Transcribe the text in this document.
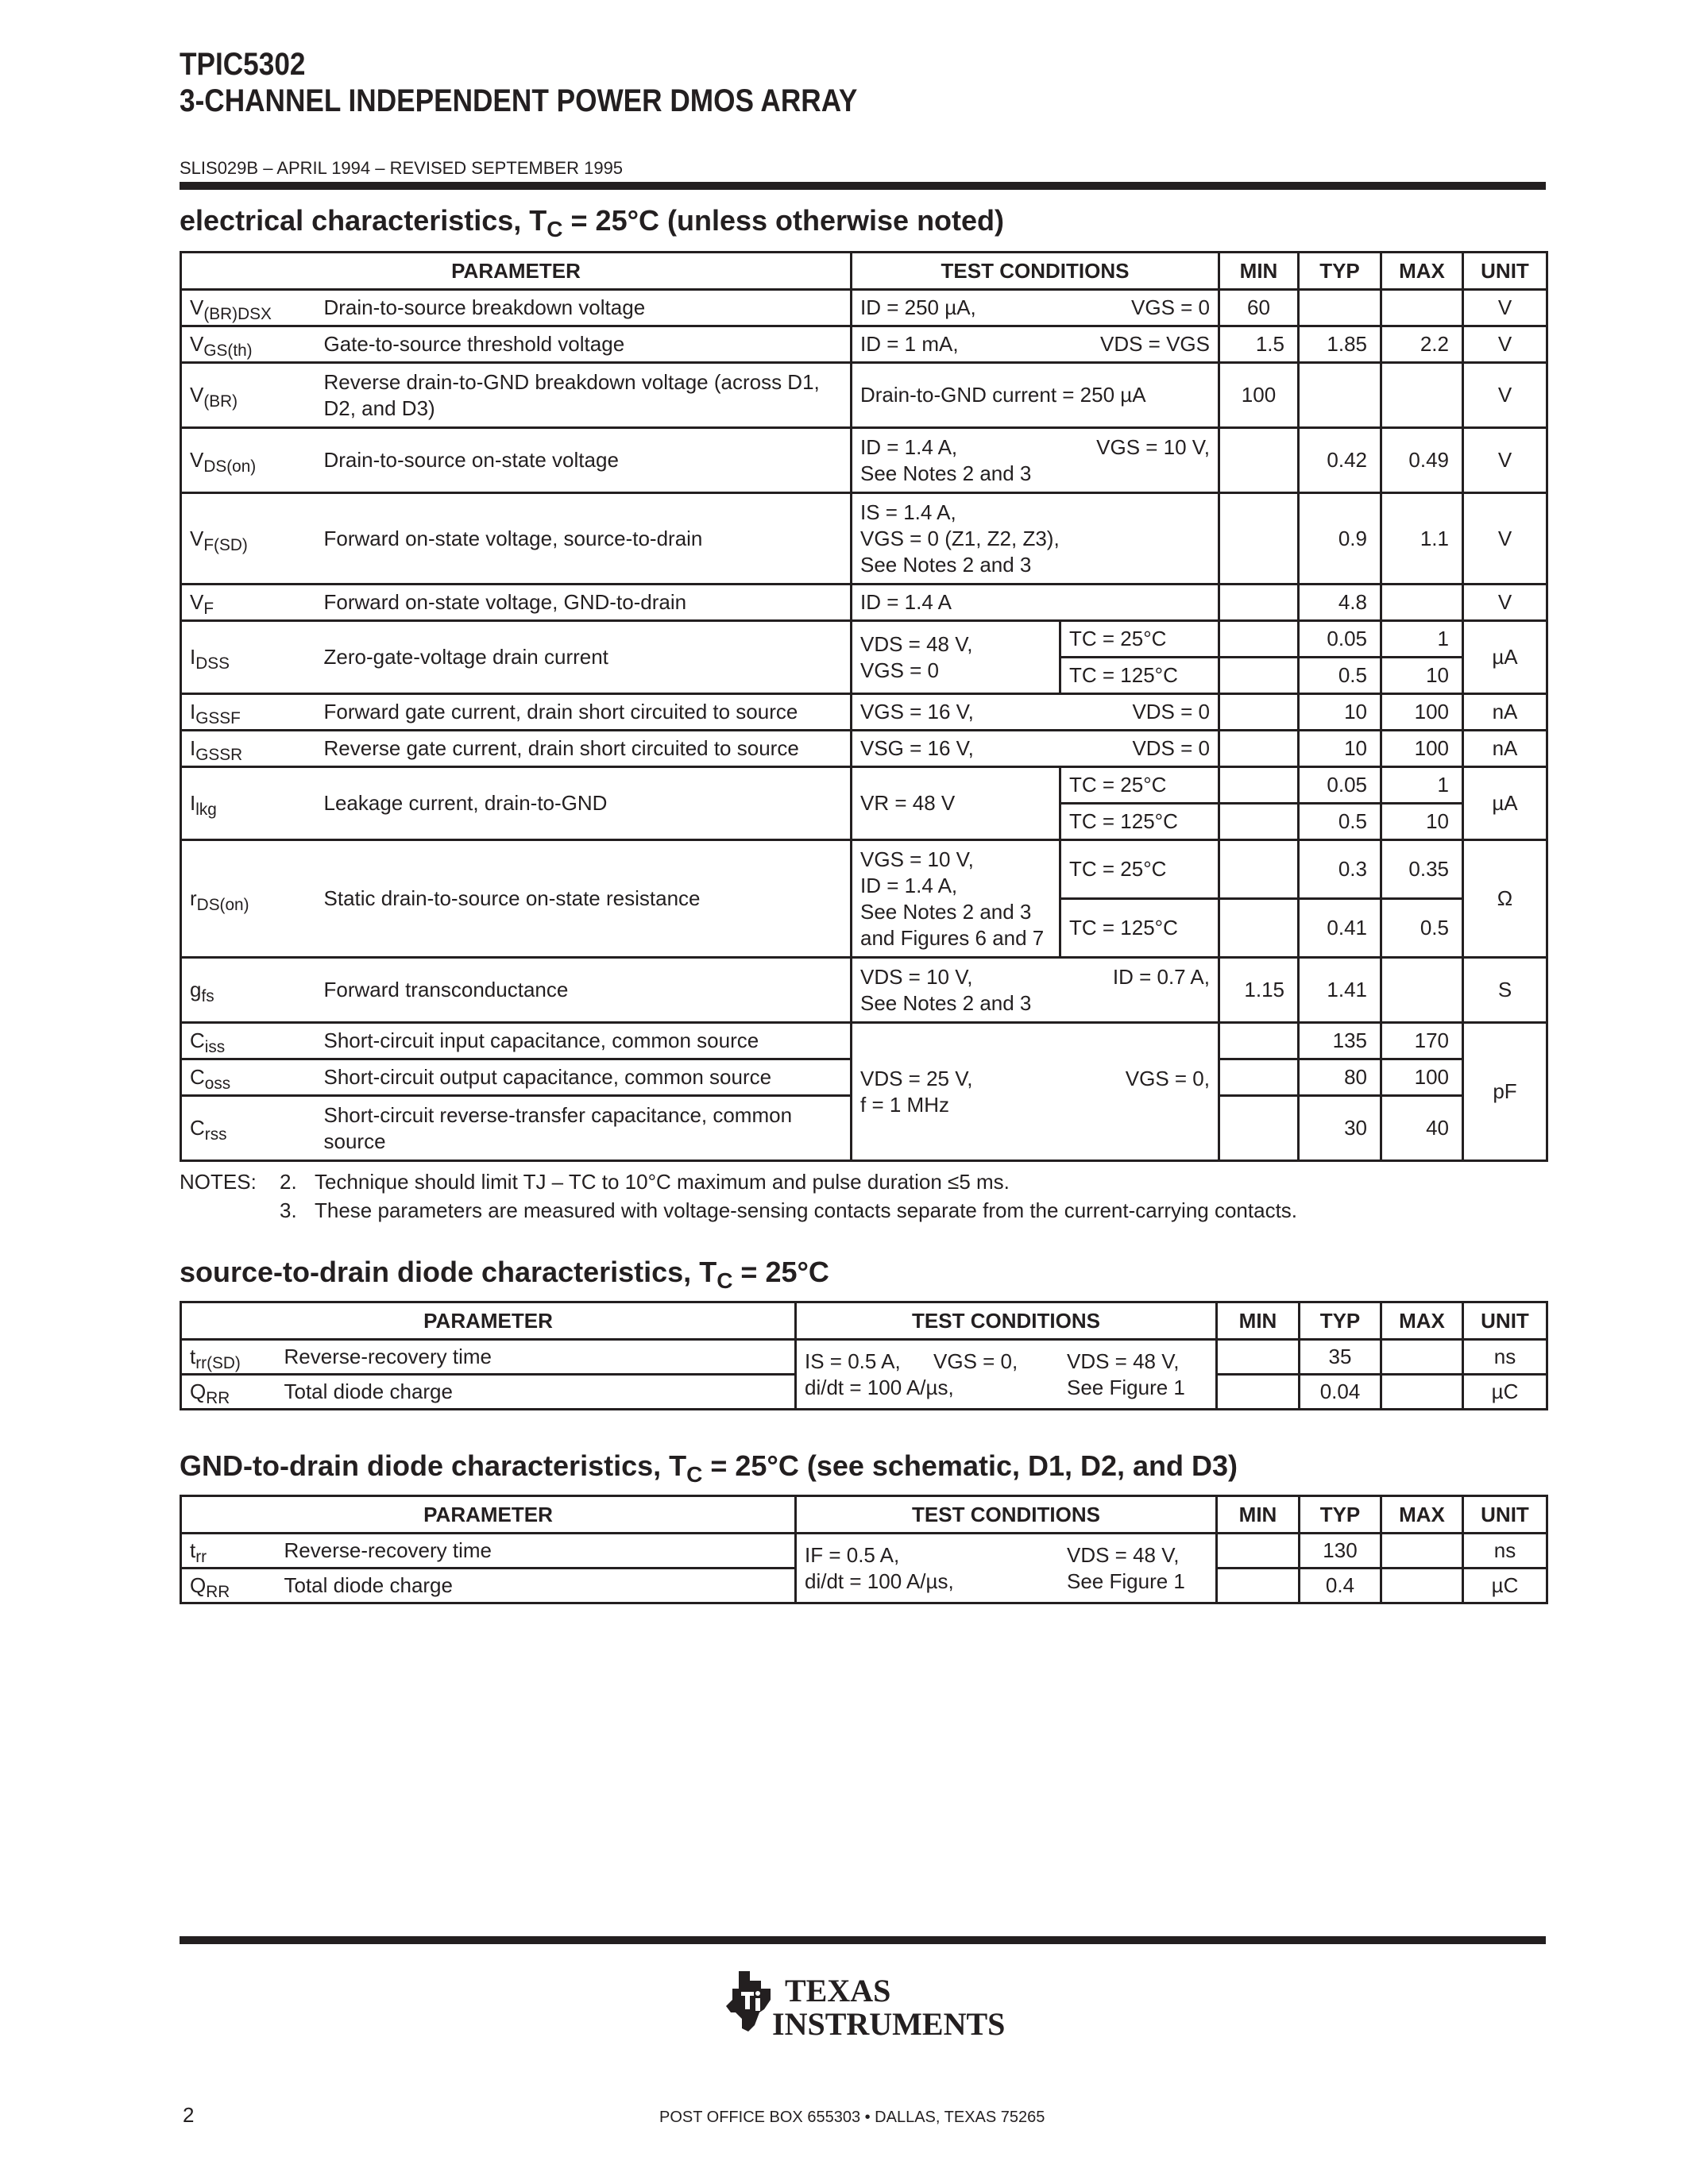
TPIC5302
3-CHANNEL INDEPENDENT POWER DMOS ARRAY
SLIS029B – APRIL 1994 – REVISED SEPTEMBER 1995
electrical characteristics, $T_C = 25^\circ C$ (unless otherwise noted)
PARAMETER		TEST CONDITIONS		MIN	TYP	MAX	UNIT
$V_{(BR)DSX}$	Drain-to-source breakdown voltage	ID = 250 µA, VGS = 0		60			V
$V_{GS(th)}$	Gate-to-source threshold voltage	ID = 1 mA, VDS = VGS		1.5	1.85	2.2	V
$V_{(BR)}$	Reverse drain-to-GND breakdown voltage (across D1, D2, and D3)	Drain-to-GND current = 250 µA		100			V
$V_{DS(on)}$	Drain-to-source on-state voltage	ID = 1.4 A, VGS = 10 V,
See Notes 2 and 3			0.42	0.49	V
$V_{F(SD)}$	Forward on-state voltage, source-to-drain	IS = 1.4 A,
VGS = 0 (Z1, Z2, Z3),
See Notes 2 and 3			0.9	1.1	V
$V_F$	Forward on-state voltage, GND-to-drain	ID = 1.4 A			4.8		V
$I_{DSS}$	Zero-gate-voltage drain current	VDS = 48 V,
VGS = 0	TC = 25°C		0.05	1	µA
			TC = 125°C		0.5	10	
$I_{GSSF}$	Forward gate current, drain short circuited to source	VGS = 16 V, VDS = 0			10	100	nA
$I_{GSSR}$	Reverse gate current, drain short circuited to source	VSG = 16 V, VDS = 0			10	100	nA
$I_{lkg}$	Leakage current, drain-to-GND	VR = 48 V	TC = 25°C		0.05	1	µA
			TC = 125°C		0.5	10	
$r_{DS(on)}$	Static drain-to-source on-state resistance	VGS = 10 V,
ID = 1.4 A,
See Notes 2 and 3
and Figures 6 and 7	TC = 25°C		0.3	0.35	Ω
			TC = 125°C		0.41	0.5	
$g_{fs}$	Forward transconductance	VDS = 10 V, ID = 0.7 A,
See Notes 2 and 3		1.15	1.41		S
$C_{iss}$	Short-circuit input capacitance, common source	VDS = 25 V, VGS = 0,
f = 1 MHz			135	170	pF
$C_{oss}$	Short-circuit output capacitance, common source				80	100	
$C_{rss}$	Short-circuit reverse-transfer capacitance, common source				30	40	
NOTES:	2. Technique should limit TJ – TC to 10°C maximum and pulse duration ≤5 ms.
3. These parameters are measured with voltage-sensing contacts separate from the current-carrying contacts.
source-to-drain diode characteristics, $T_C = 25^\circ C$
PARAMETER		TEST CONDITIONS	MIN	TYP	MAX	UNIT
$t_{rr(SD)}$	Reverse-recovery time	IS = 0.5 A, VGS = 0, VDS = 48 V,
di/dt = 100 A/µs, See Figure 1		35		ns
$Q_{RR}$	Total diode charge			0.04		µC
GND-to-drain diode characteristics, $T_C = 25^\circ C$ (see schematic, D1, D2, and D3)
PARAMETER		TEST CONDITIONS	MIN	TYP	MAX	UNIT
$t_{rr}$	Reverse-recovery time	IF = 0.5 A, VDS = 48 V,
di/dt = 100 A/µs, See Figure 1		130		ns
$Q_{RR}$	Total diode charge			0.4		µC
TEXAS
INSTRUMENTS
2	POST OFFICE BOX 655303 • DALLAS, TEXAS 75265
